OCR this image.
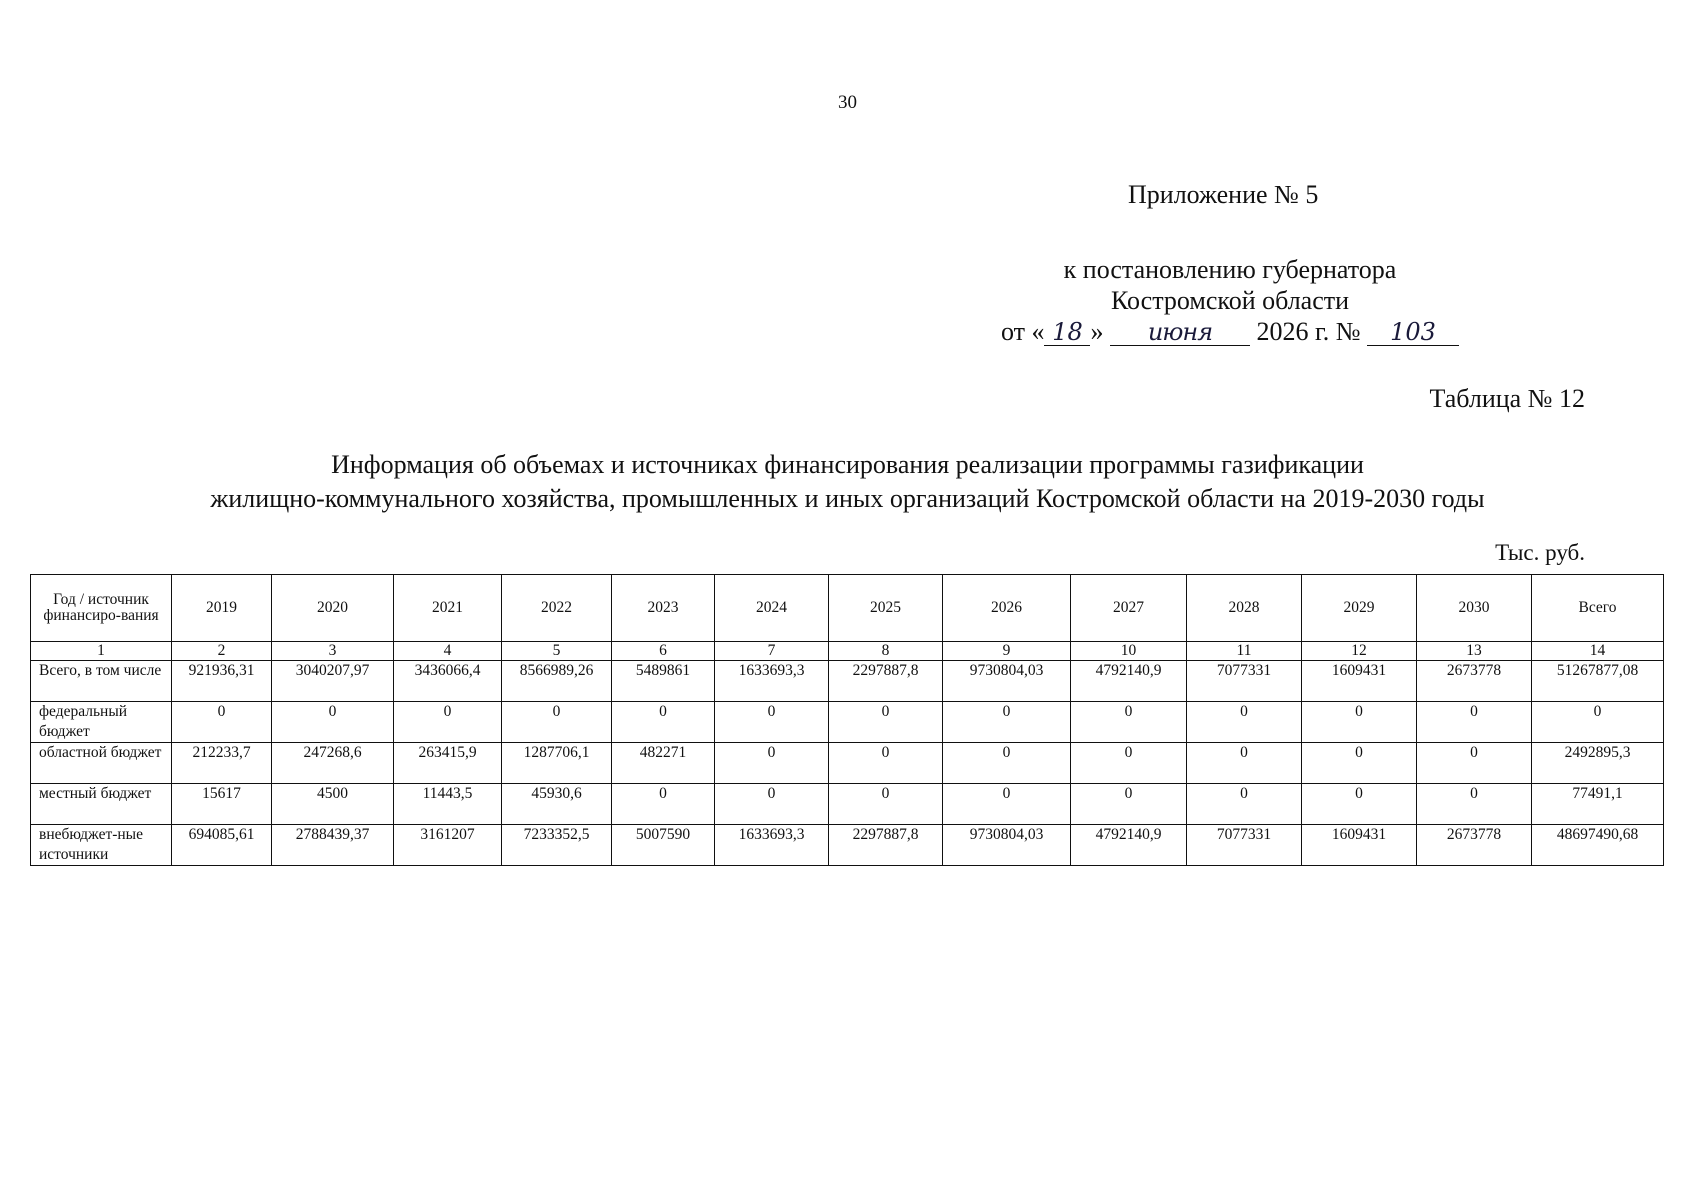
30
Приложение № 5
к постановлению губернатора
Костромской области
от « 18 » июня 2026 г. № 103
Таблица № 12
Информация об объемах и источниках финансирования реализации программы газификации
жилищно-коммунального хозяйства, промышленных и иных организаций Костромской области на 2019-2030 годы
Тыс. руб.
Год / источник финансиро-вания	2019	2020	2021	2022	2023	2024	2025	2026	2027	2028	2029	2030	Всего
1	2	3	4	5	6	7	8	9	10	11	12	13	14
Всего, в том числе	921936,31	3040207,97	3436066,4	8566989,26	5489861	1633693,3	2297887,8	9730804,03	4792140,9	7077331	1609431	2673778	51267877,08
федеральный бюджет	0	0	0	0	0	0	0	0	0	0	0	0	0
областной бюджет	212233,7	247268,6	263415,9	1287706,1	482271	0	0	0	0	0	0	0	2492895,3
местный бюджет	15617	4500	11443,5	45930,6	0	0	0	0	0	0	0	0	77491,1
внебюджет-ные источники	694085,61	2788439,37	3161207	7233352,5	5007590	1633693,3	2297887,8	9730804,03	4792140,9	7077331	1609431	2673778	48697490,68
